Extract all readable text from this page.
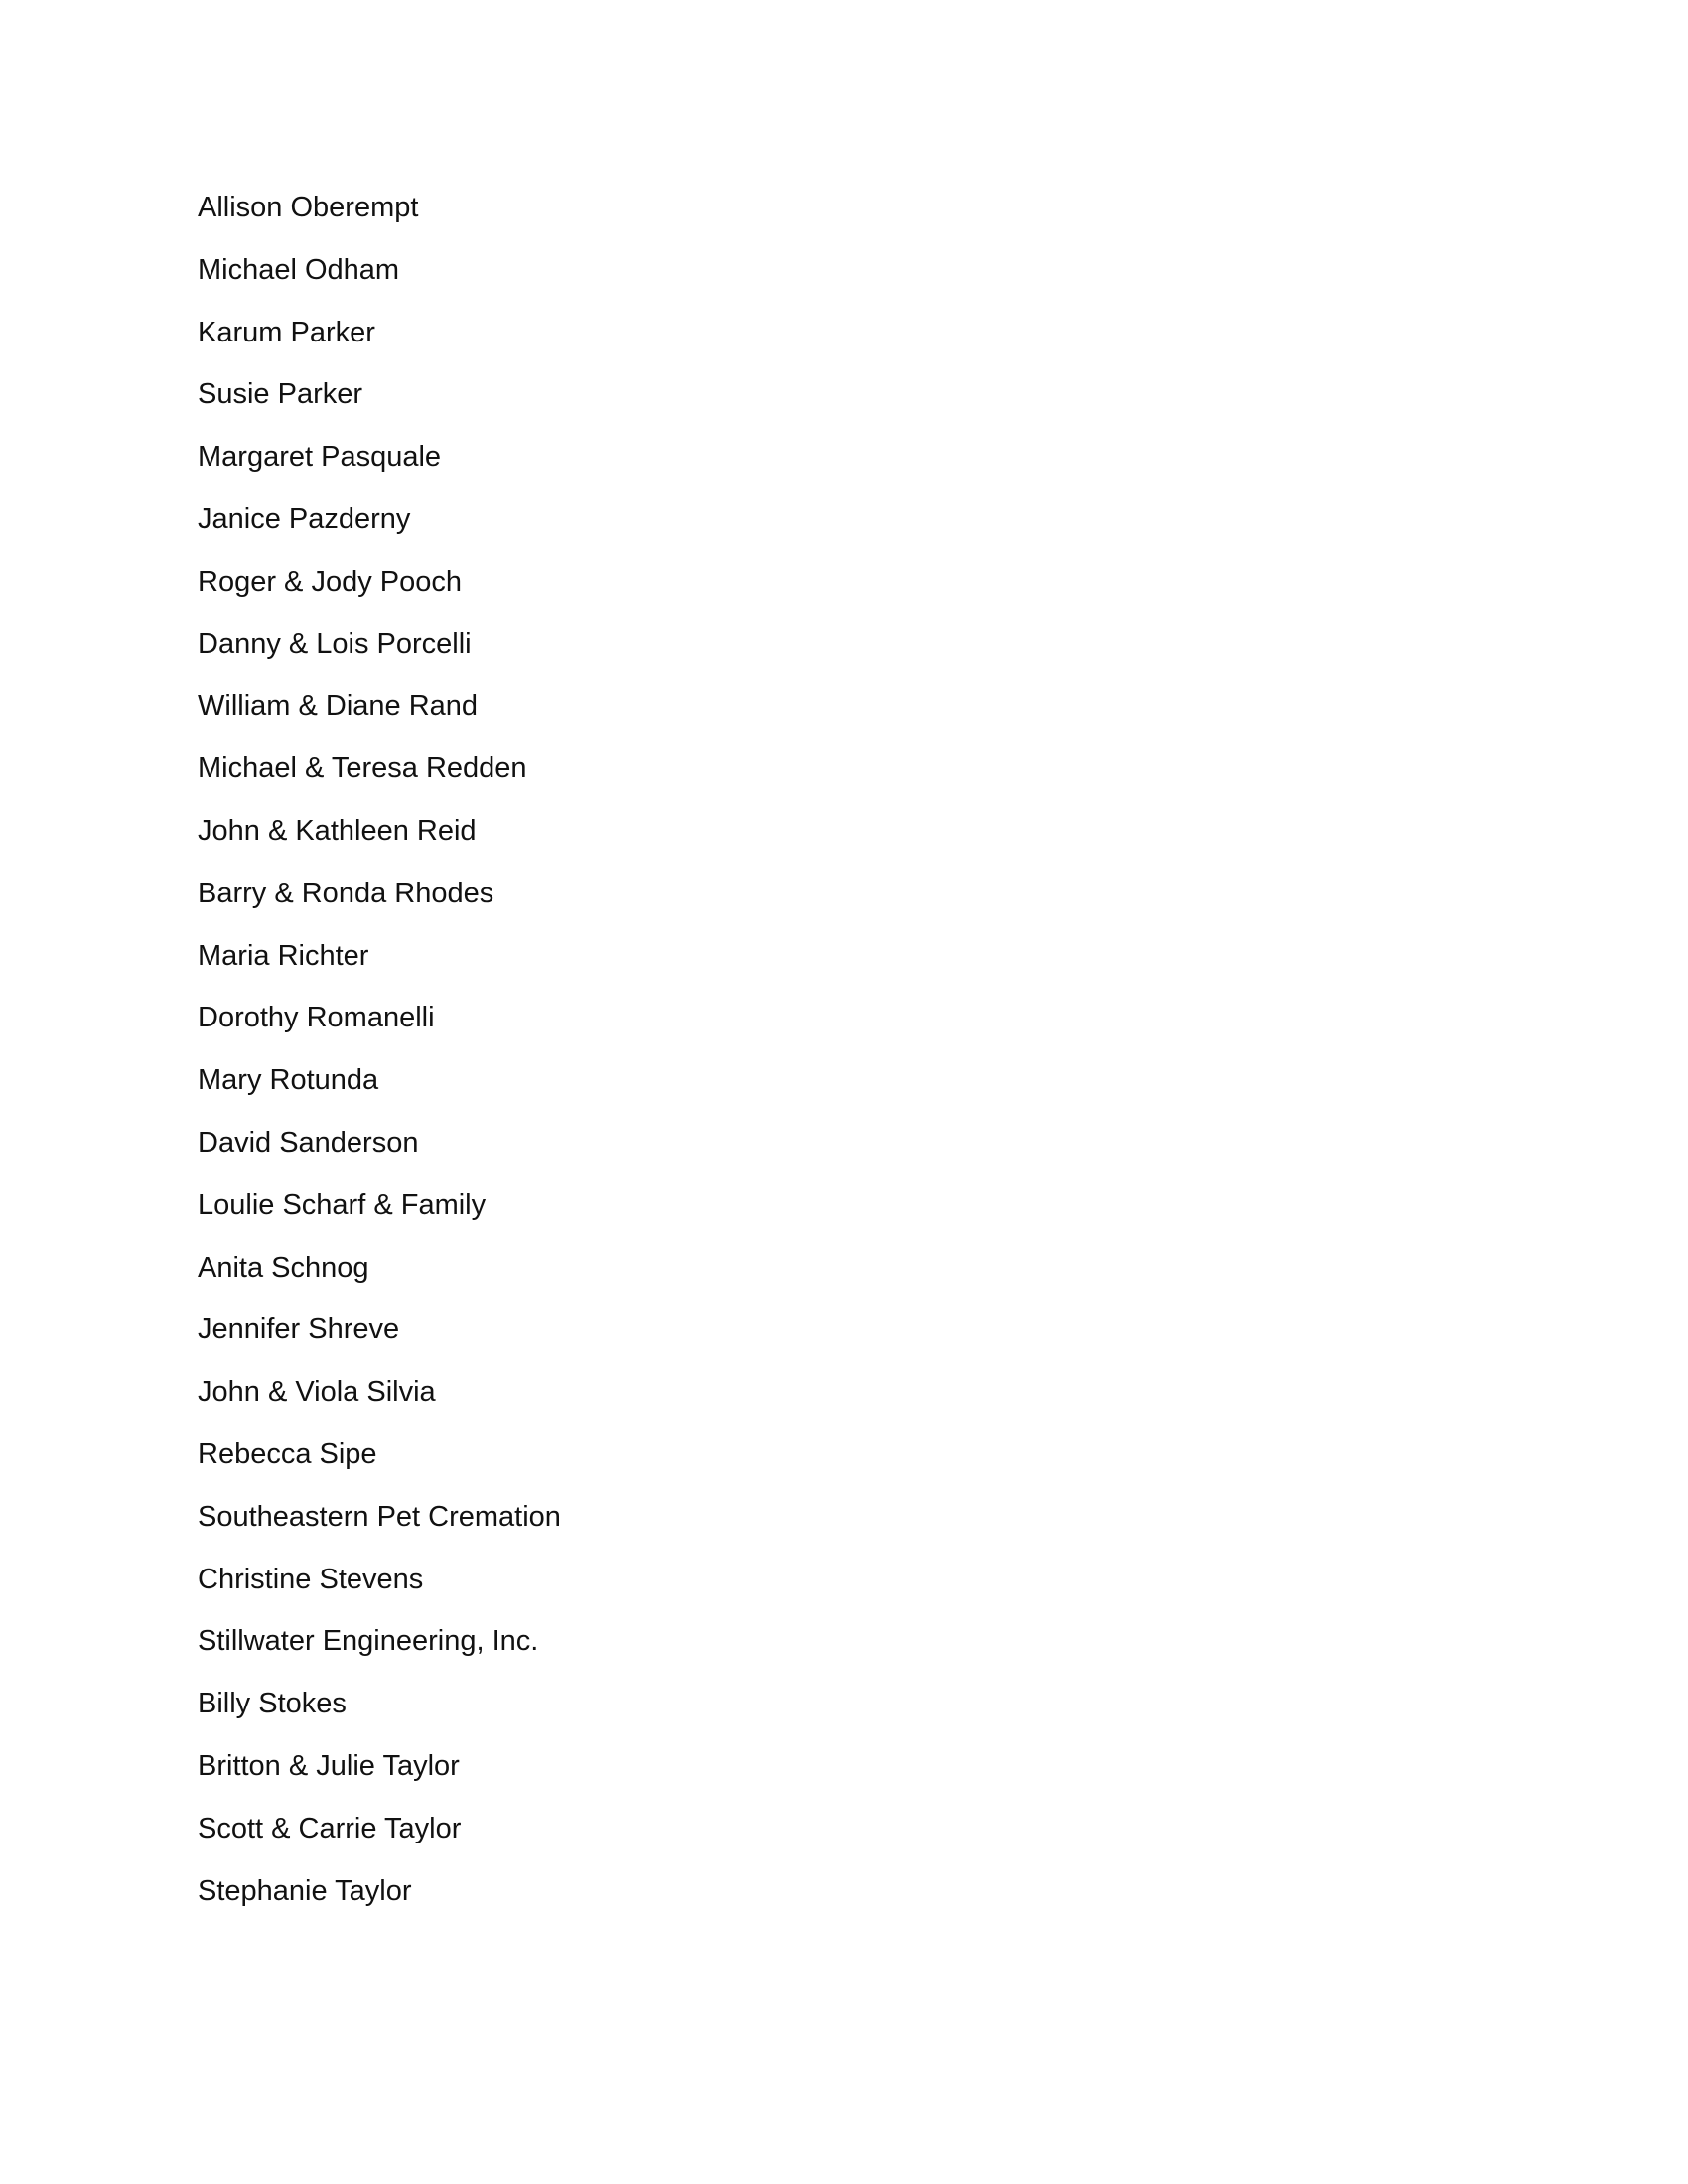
Allison Oberempt
Michael Odham
Karum Parker
Susie Parker
Margaret Pasquale
Janice Pazderny
Roger & Jody Pooch
Danny & Lois Porcelli
William & Diane Rand
Michael & Teresa Redden
John & Kathleen Reid
Barry & Ronda Rhodes
Maria Richter
Dorothy Romanelli
Mary Rotunda
David Sanderson
Loulie Scharf & Family
Anita Schnog
Jennifer Shreve
John & Viola Silvia
Rebecca Sipe
Southeastern Pet Cremation
Christine Stevens
Stillwater Engineering, Inc.
Billy Stokes
Britton & Julie Taylor
Scott & Carrie Taylor
Stephanie Taylor
